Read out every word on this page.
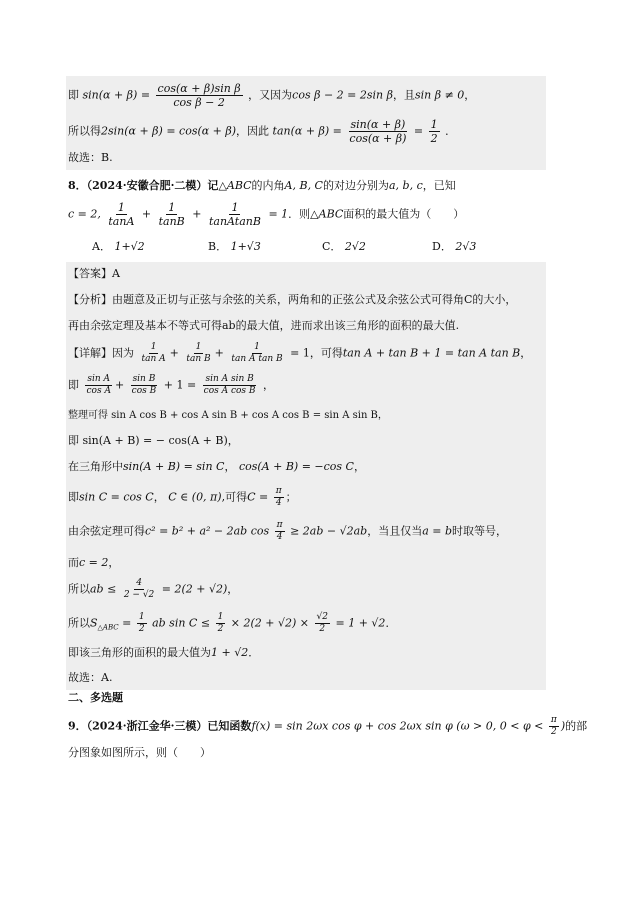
即 $\sin(\alpha + \beta) = \frac{\text{cos(α + β)sin β}}{\text{cos β − 2}}$ ，又因为cos β − 2 = 2sin β，且sin β ≠ 0，
所以得2sin(α + β) = cos(α + β)，因此 $\tan(\alpha + \beta) = \frac{\sin(\alpha + \beta)}{\cos(\alpha + \beta)} = \frac{1}{2}$ ．
故选：B.
8．（2024·安徽合肥·二模）记△ABC的内角A, B, C的对边分别为a, b, c，已知
c = 2, $\frac{1}{\tan A} + \frac{1}{\tan B} + \frac{1}{\text{tanAtanB}} = 1$．则△ABC面积的最大值为（　　）
A． 1+√2	B． 1+√3	C． 2√2	D． 2√3
【答案】A
【分析】由题意及正切与正弦与余弦的关系，两角和的正弦公式及余弦公式可得角C的大小，
再由余弦定理及基本不等式可得ab的最大值，进而求出该三角形的面积的最大值.
【详解】因为 $\frac{1}{\text{tan A}} + \frac{1}{\text{tan B}} + \frac{1}{\text{tan A tan B}} = 1$，可得tan A + tan B + 1 = tan A tan B，
即 $\frac{\text{sin A}}{\text{cos A}} + \frac{\text{sin B}}{\text{cos B}} + 1 = \frac{\text{sin A sin B}}{\text{cos A cos B}}$ ，
整理可得 sin A cos B + cos A sin B + cos A cos B = sin A sin B，
即 sin(A + B) = − cos(A + B)，
在三角形中sin(A + B) = sin C， cos(A + B) = −cos C，
即sin C = cos C， C ∈ (0, π),可得$C = \frac{\pi}{4}$ ；
由余弦定理可得c² = b² + a² − 2ab $\cos \frac{\pi}{4} \ge 2ab - √2ab$，当且仅当a = b时取等号，
而c = 2，
所以ab ≤ $\frac{4}{2 - √2} = 2(2 + √2)$，
所以$S_{\triangle ABC} = \frac{1}{2}$ ab $\sin C \le \frac{1}{2} \times 2(2 + √2) \times \frac{√2}{2} = 1 + √2$．
即该三角形的面积的最大值为1 + √2．
故选：A.
二、多选题
9．（2024·浙江金华·三模）已知函数f(x) = sin 2ωx cos φ + cos 2ωx sin φ (ω > 0, $0 < \varphi < \frac{\pi}{2}$ )的部
分图象如图所示，则（　　）
